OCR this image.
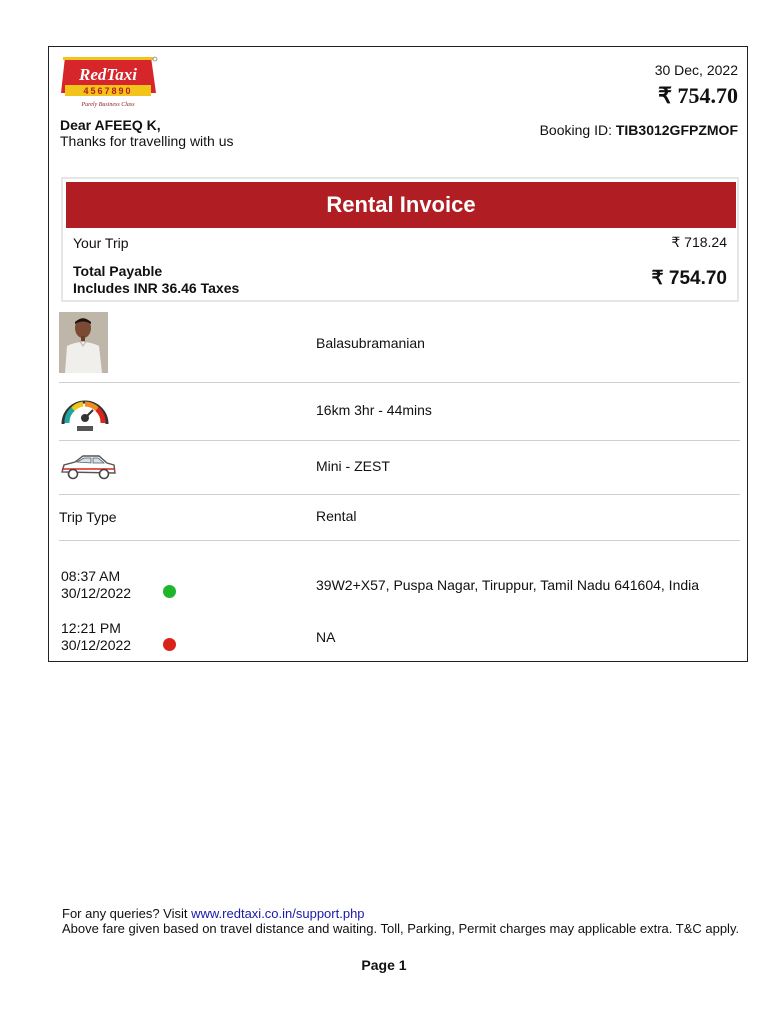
RedTaxi
4567890
Purely Business Class
Dear AFEEQ K,
Thanks for travelling with us
30 Dec, 2022
₹ 754.70
Booking ID: TIB3012GFPZMOF
Rental Invoice
Your Trip	₹ 718.24
Total Payable
Includes INR 36.46 Taxes	₹ 754.70
Balasubramanian
16km 3hr - 44mins
Mini - ZEST
Trip Type	Rental
08:37 AM
30/12/2022	39W2+X57, Puspa Nagar, Tiruppur, Tamil Nadu 641604, India
12:21 PM
30/12/2022	NA
For any queries? Visit www.redtaxi.co.in/support.php
Above fare given based on travel distance and waiting. Toll, Parking, Permit charges may applicable extra. T&C apply.
Page 1
